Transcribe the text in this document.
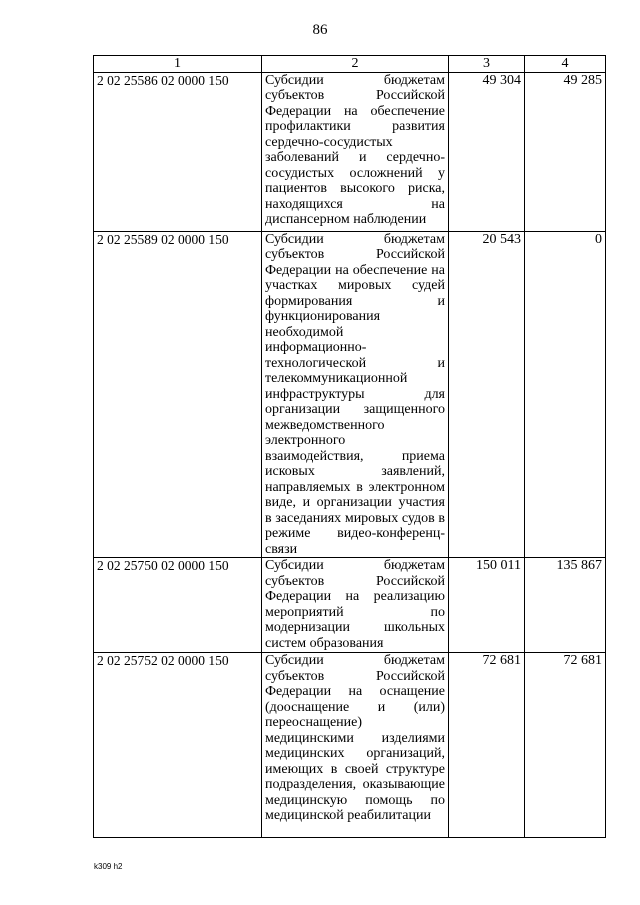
86
1	2	3	4
2 02 25586 02 0000 150	Субсидии бюджетам субъектов Российской Федерации на обеспечение профилактики развития сердечно-сосудистых заболеваний и сердечно-сосудистых осложнений у пациентов высокого риска, находящихся на диспансерном наблюдении	49 304	49 285
2 02 25589 02 0000 150	Субсидии бюджетам субъектов Российской Федерации на обеспечение на участках мировых судей формирования и функционирования необходимой информационно-технологической и телекоммуникационной инфраструктуры для организации защищенного межведомственного электронного взаимодействия, приема исковых заявлений, направляемых в электронном виде, и организации участия в заседаниях мировых судов в режиме видео-конференц-связи	20 543	0
2 02 25750 02 0000 150	Субсидии бюджетам субъектов Российской Федерации на реализацию мероприятий по модернизации школьных систем образования	150 011	135 867
2 02 25752 02 0000 150	Субсидии бюджетам субъектов Российской Федерации на оснащение (дооснащение и (или) переоснащение) медицинскими изделиями медицинских организаций, имеющих в своей структуре подразделения, оказывающие медицинскую помощь по медицинской реабилитации	72 681	72 681
k309 h2
